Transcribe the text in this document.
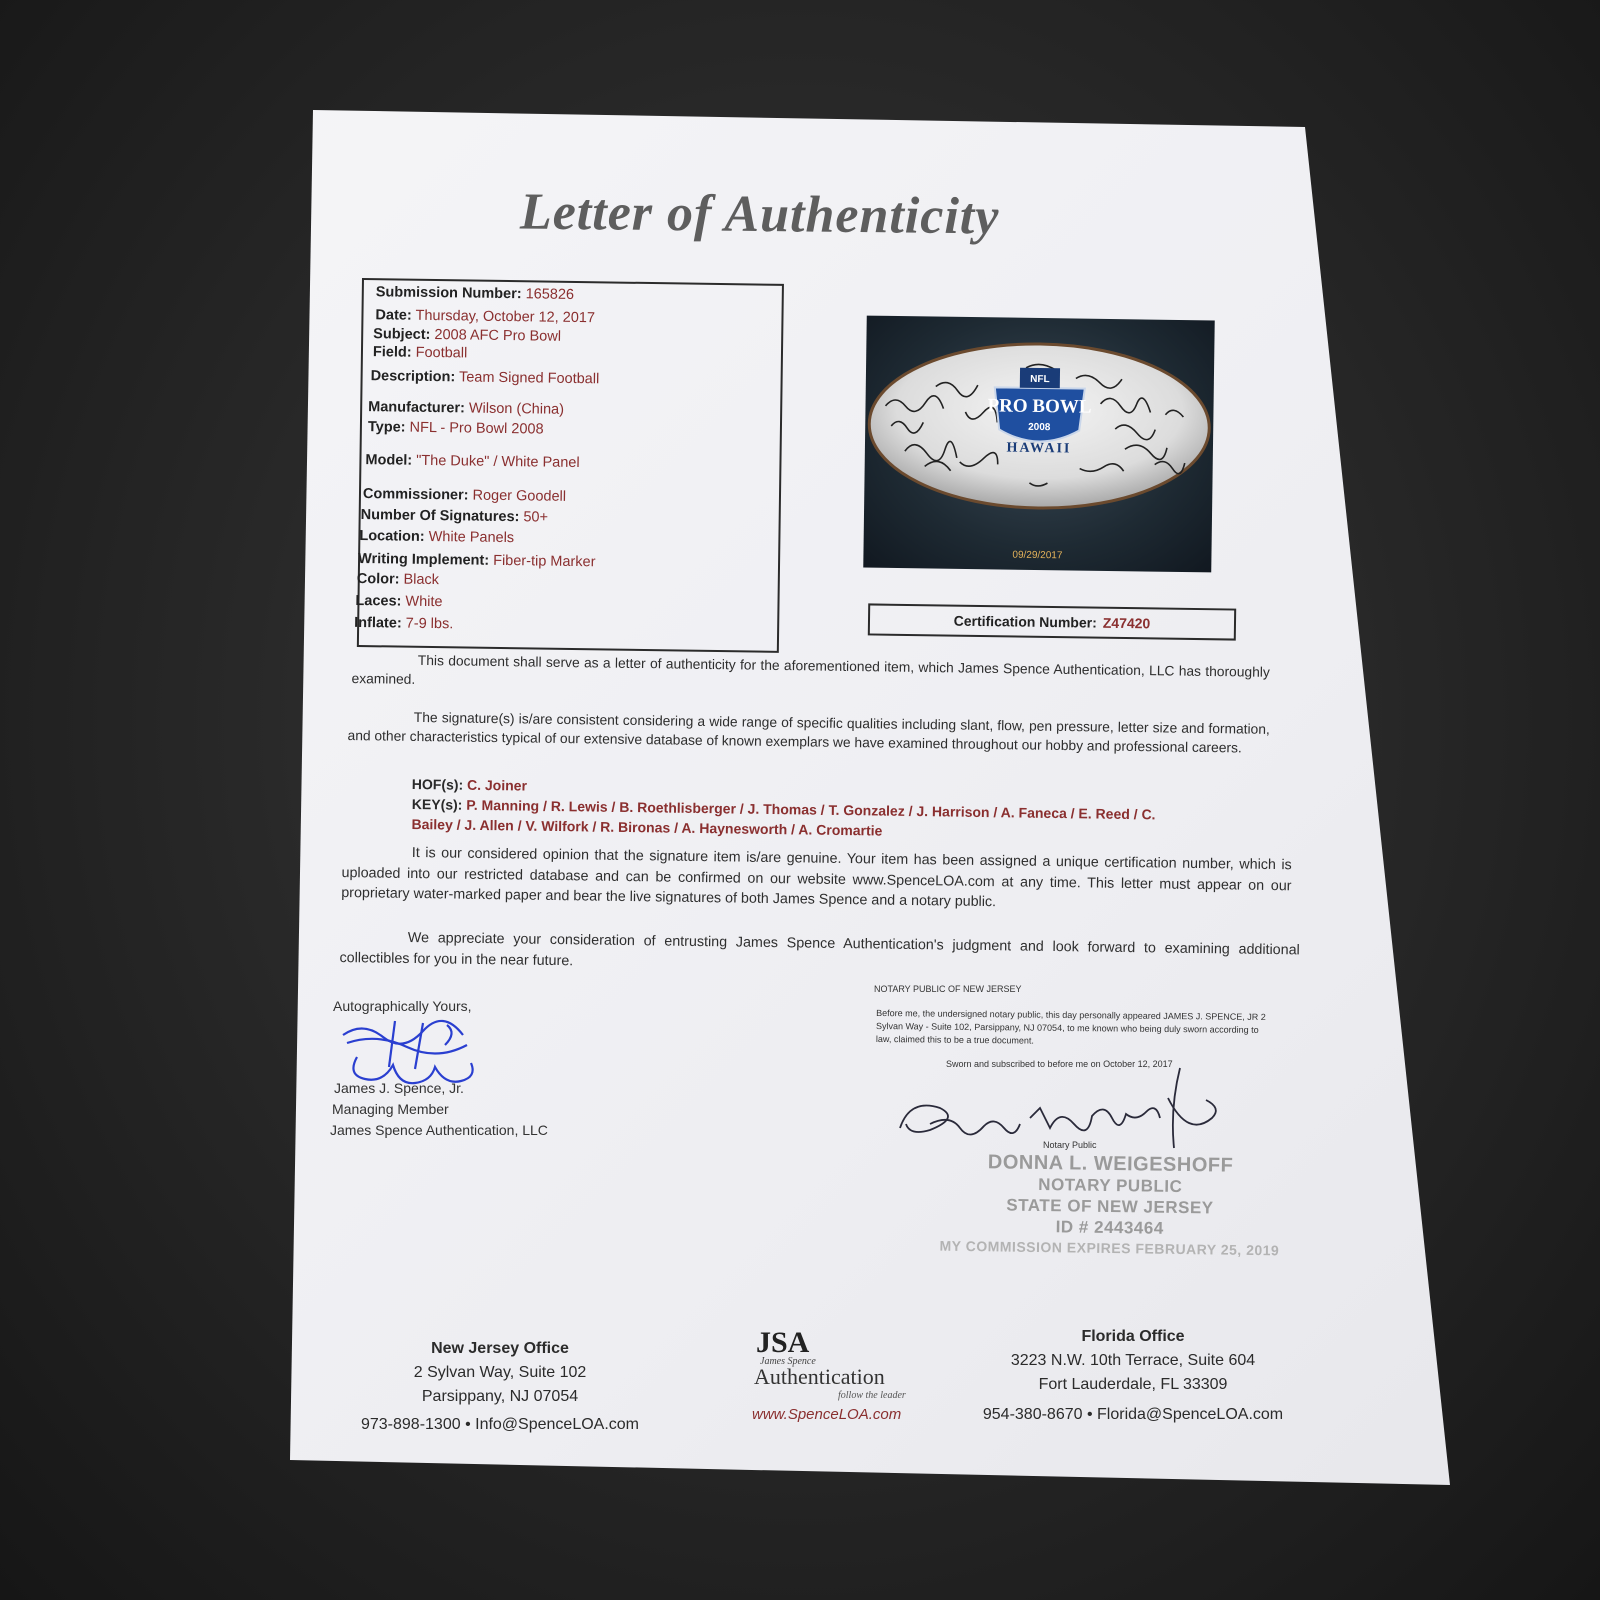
Letter of Authenticity
Submission Number: 165826
Date: Thursday, October 12, 2017
Subject: 2008 AFC Pro Bowl
Field: Football
Description: Team Signed Football
Manufacturer: Wilson (China)
Type: NFL - Pro Bowl 2008
Model: "The Duke" / White Panel
Commissioner: Roger Goodell
Number Of Signatures: 50+
Location: White Panels
Writing Implement: Fiber-tip Marker
Color: Black
Laces: White
Inflate: 7-9 lbs.
NFL
PRO BOWL
2008
HAWAII
09/29/2017
Certification Number: Z47420
This document shall serve as a letter of authenticity for the aforementioned item, which James Spence Authentication, LLC has thoroughly examined.
The signature(s) is/are consistent considering a wide range of specific qualities including slant, flow, pen pressure, letter size and formation, and other characteristics typical of our extensive database of known exemplars we have examined throughout our hobby and professional careers.
HOF(s): C. Joiner
KEY(s): P. Manning / R. Lewis / B. Roethlisberger / J. Thomas / T. Gonzalez / J. Harrison / A. Faneca / E. Reed / C. Bailey / J. Allen / V. Wilfork / R. Bironas / A. Haynesworth / A. Cromartie
It is our considered opinion that the signature item is/are genuine. Your item has been assigned a unique certification number, which is uploaded into our restricted database and can be confirmed on our website www.SpenceLOA.com at any time. This letter must appear on our proprietary water-marked paper and bear the live signatures of both James Spence and a notary public.
We appreciate your consideration of entrusting James Spence Authentication's judgment and look forward to examining additional collectibles for you in the near future.
Autographically Yours,
James J. Spence, Jr.
Managing Member
James Spence Authentication, LLC
NOTARY PUBLIC OF NEW JERSEY
Before me, the undersigned notary public, this day personally appeared JAMES J. SPENCE, JR 2 Sylvan Way - Suite 102, Parsippany, NJ 07054, to me known who being duly sworn according to law, claimed this to be a true document.
Sworn and subscribed to before me on October 12, 2017
Notary Public
DONNA L. WEIGESHOFF
NOTARY PUBLIC
STATE OF NEW JERSEY
ID # 2443464
MY COMMISSION EXPIRES FEBRUARY 25, 2019
New Jersey Office
2 Sylvan Way, Suite 102
Parsippany, NJ 07054
973-898-1300 • Info@SpenceLOA.com
JSA
James Spence
Authentication
follow the leader
www.SpenceLOA.com
Florida Office
3223 N.W. 10th Terrace, Suite 604
Fort Lauderdale, FL 33309
954-380-8670 • Florida@SpenceLOA.com
